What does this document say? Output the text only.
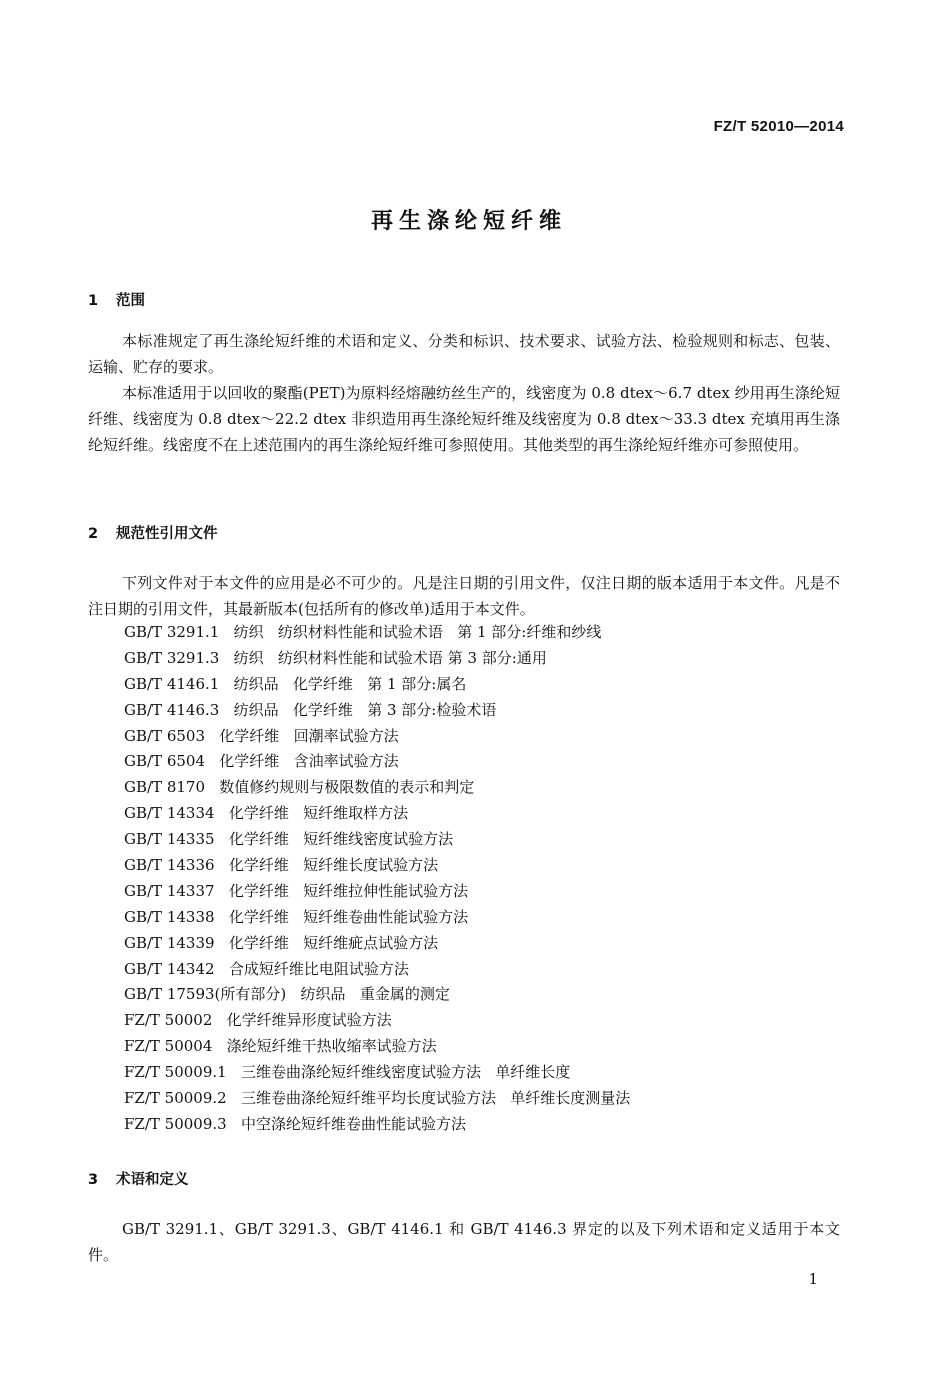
FZ/T 52010—2014
再生涤纶短纤维
1 范围

本标准规定了再生涤纶短纤维的术语和定义、分类和标识、技术要求、试验方法、检验规则和标志、包装、运输、贮存的要求。

本标准适用于以回收的聚酯(PET)为原料经熔融纺丝生产的，线密度为 0.8 dtex～6.7 dtex 纱用再生涤纶短纤维、线密度为 0.8 dtex～22.2 dtex 非织造用再生涤纶短纤维及线密度为 0.8 dtex～33.3 dtex 充填用再生涤纶短纤维。线密度不在上述范围内的再生涤纶短纤维可参照使用。其他类型的再生涤纶短纤维亦可参照使用。

2 规范性引用文件

下列文件对于本文件的应用是必不可少的。凡是注日期的引用文件，仅注日期的版本适用于本文件。凡是不注日期的引用文件，其最新版本(包括所有的修改单)适用于本文件。

GB/T 3291.1   纺织   纺织材料性能和试验术语   第 1 部分:纤维和纱线
GB/T 3291.3   纺织   纺织材料性能和试验术语 第 3 部分:通用
GB/T 4146.1   纺织品   化学纤维   第 1 部分:属名
GB/T 4146.3   纺织品   化学纤维   第 3 部分:检验术语
GB/T 6503   化学纤维   回潮率试验方法
GB/T 6504   化学纤维   含油率试验方法
GB/T 8170   数值修约规则与极限数值的表示和判定
GB/T 14334   化学纤维   短纤维取样方法
GB/T 14335   化学纤维   短纤维线密度试验方法
GB/T 14336   化学纤维   短纤维长度试验方法
GB/T 14337   化学纤维   短纤维拉伸性能试验方法
GB/T 14338   化学纤维   短纤维卷曲性能试验方法
GB/T 14339   化学纤维   短纤维疵点试验方法
GB/T 14342   合成短纤维比电阻试验方法
GB/T 17593(所有部分)   纺织品   重金属的测定
FZ/T 50002   化学纤维异形度试验方法
FZ/T 50004   涤纶短纤维干热收缩率试验方法
FZ/T 50009.1   三维卷曲涤纶短纤维线密度试验方法   单纤维长度
FZ/T 50009.2   三维卷曲涤纶短纤维平均长度试验方法   单纤维长度测量法
FZ/T 50009.3   中空涤纶短纤维卷曲性能试验方法
3 术语和定义

GB/T 3291.1、GB/T 3291.3、GB/T 4146.1 和 GB/T 4146.3 界定的以及下列术语和定义适用于本文件。

1
